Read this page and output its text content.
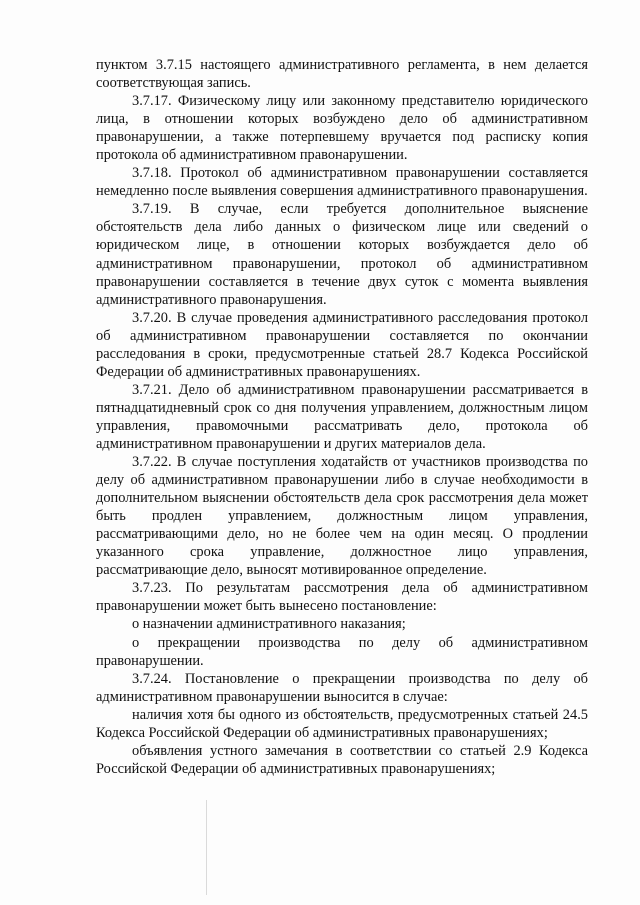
пунктом 3.7.15 настоящего административного регламента, в нем делается соответствующая запись.

3.7.17. Физическому лицу или законному представителю юридического лица, в отношении которых возбуждено дело об административном правонарушении, а также потерпевшему вручается под расписку копия протокола об административном правонарушении.

3.7.18. Протокол об административном правонарушении составляется немедленно после выявления совершения административного правонарушения.

3.7.19. В случае, если требуется дополнительное выяснение обстоятельств дела либо данных о физическом лице или сведений о юридическом лице, в отношении которых возбуждается дело об административном правонарушении, протокол об административном правонарушении составляется в течение двух суток с момента выявления административного правонарушения.

3.7.20. В случае проведения административного расследования протокол об административном правонарушении составляется по окончании расследования в сроки, предусмотренные статьей 28.7 Кодекса Российской Федерации об административных правонарушениях.

3.7.21. Дело об административном правонарушении рассматривается в пятнадцатидневный срок со дня получения управлением, должностным лицом управления, правомочными рассматривать дело, протокола об административном правонарушении и других материалов дела.

3.7.22. В случае поступления ходатайств от участников производства по делу об административном правонарушении либо в случае необходимости в дополнительном выяснении обстоятельств дела срок рассмотрения дела может быть продлен управлением, должностным лицом управления, рассматривающими дело, но не более чем на один месяц. О продлении указанного срока управление, должностное лицо управления, рассматривающие дело, выносят мотивированное определение.

3.7.23. По результатам рассмотрения дела об административном правонарушении может быть вынесено постановление:

о назначении административного наказания;

о прекращении производства по делу об административном правонарушении.

3.7.24. Постановление о прекращении производства по делу об административном правонарушении выносится в случае:

наличия хотя бы одного из обстоятельств, предусмотренных статьей 24.5 Кодекса Российской Федерации об административных правонарушениях;

объявления устного замечания в соответствии со статьей 2.9 Кодекса Российской Федерации об административных правонарушениях;
